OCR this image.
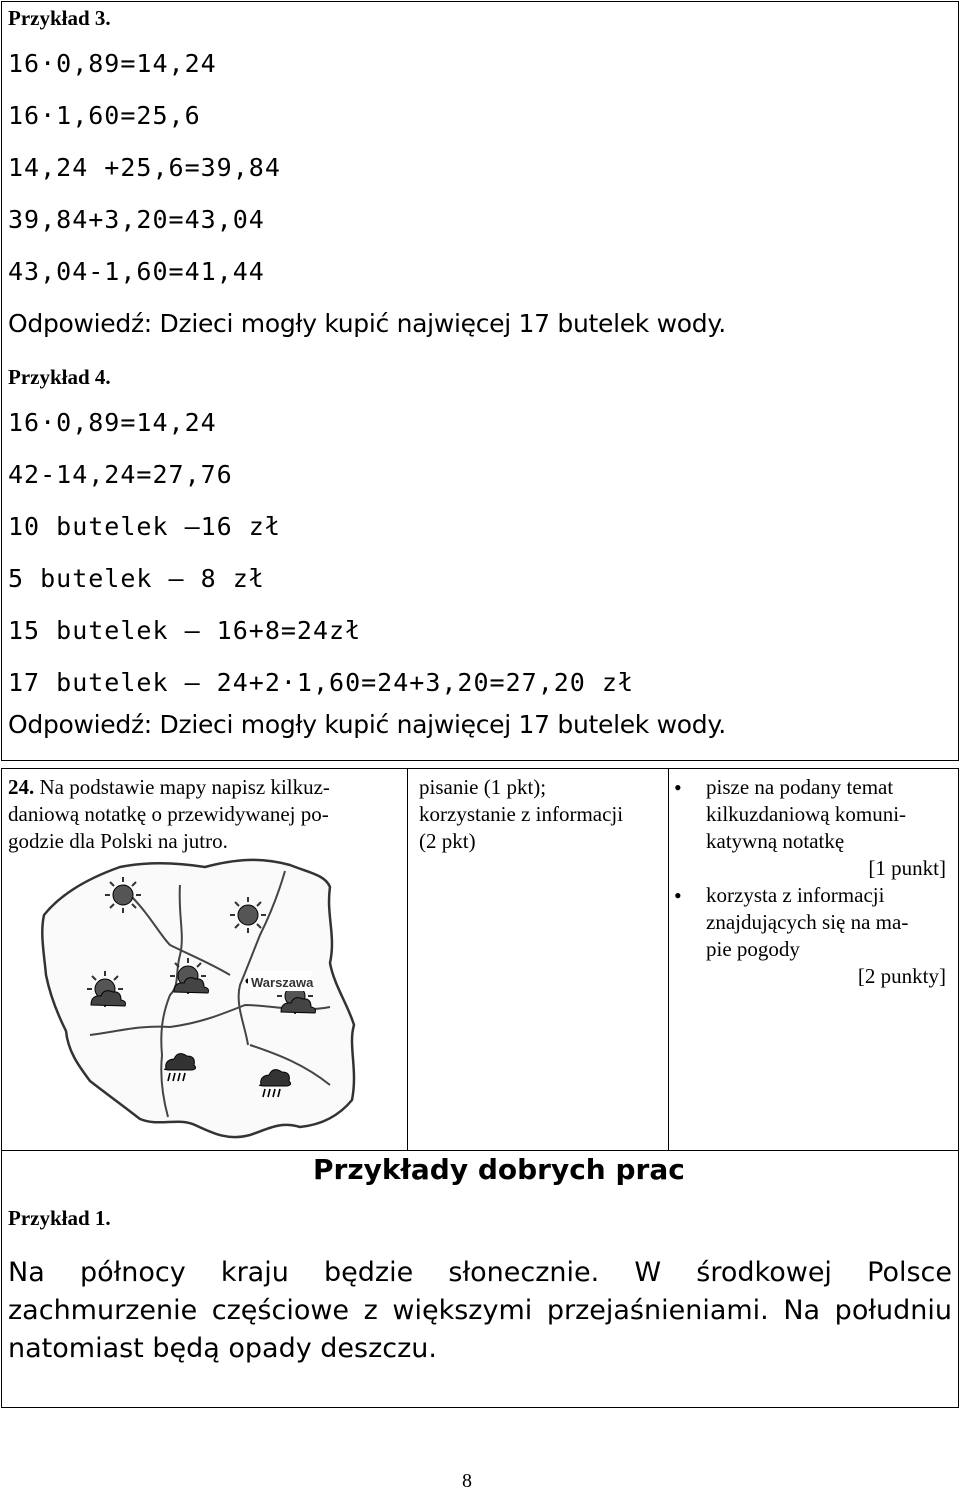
Przykład 3.
16·0,89=14,24
16·1,60=25,6
14,24 +25,6=39,84
39,84+3,20=43,04
43,04-1,60=41,44
Odpowiedź: Dzieci mogły kupić najwięcej 17 butelek wody.
Przykład 4.
16·0,89=14,24
42-14,24=27,76
10 butelek –16 zł
5 butelek – 8 zł
15 butelek – 16+8=24zł
17 butelek – 24+2·1,60=24+3,20=27,20 zł
Odpowiedź: Dzieci mogły kupić najwięcej 17 butelek wody.
24. Na podstawie mapy napisz kilkuz-
daniową notatkę o przewidywanej po-
godzie dla Polski na jutro.
Warszawa
pisanie (1 pkt);
korzystanie z informacji
(2 pkt)
• pisze na podany temat
kilkuzdaniową komuni-
katywną notatkę
[1 punkt]
• korzysta z informacji
znajdujących się na ma-
pie pogody
[2 punkty]
Przykłady dobrych prac
Przykład 1.
Na północy kraju będzie słonecznie. W środkowej Polsce zachmurzenie częściowe z większymi przejaśnieniami. Na południu natomiast będą opady deszczu.
8
